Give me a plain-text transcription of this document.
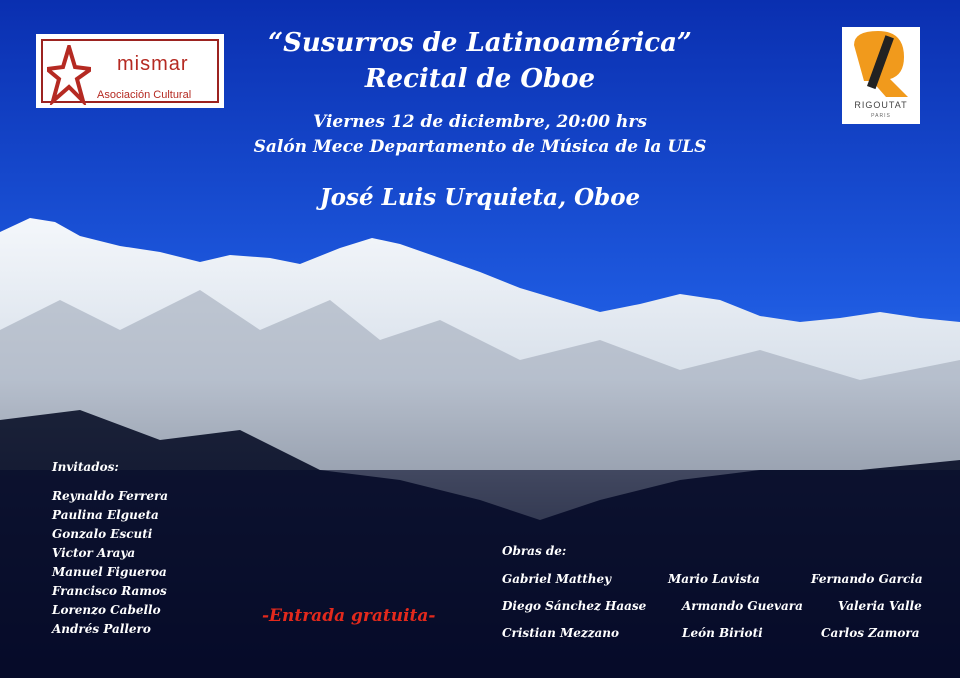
mismar
Asociación Cultural
RIGOUTAT
PARIS
“Susurros de Latinoamérica”
Recital de Oboe
Viernes 12 de diciembre, 20:00 hrs
Salón Mece Departamento de Música de la ULS
José Luis Urquieta, Oboe
Invitados:
Reynaldo Ferrera
Paulina Elgueta
Gonzalo Escuti
Victor Araya
Manuel Figueroa
Francisco Ramos
Lorenzo Cabello
Andrés Pallero
-Entrada gratuita-
Obras de:
Gabriel Matthey	Mario Lavista	Fernando Garcia
Diego Sánchez Haase	Armando Guevara	Valeria Valle
Cristian Mezzano	León Birioti	Carlos Zamora
